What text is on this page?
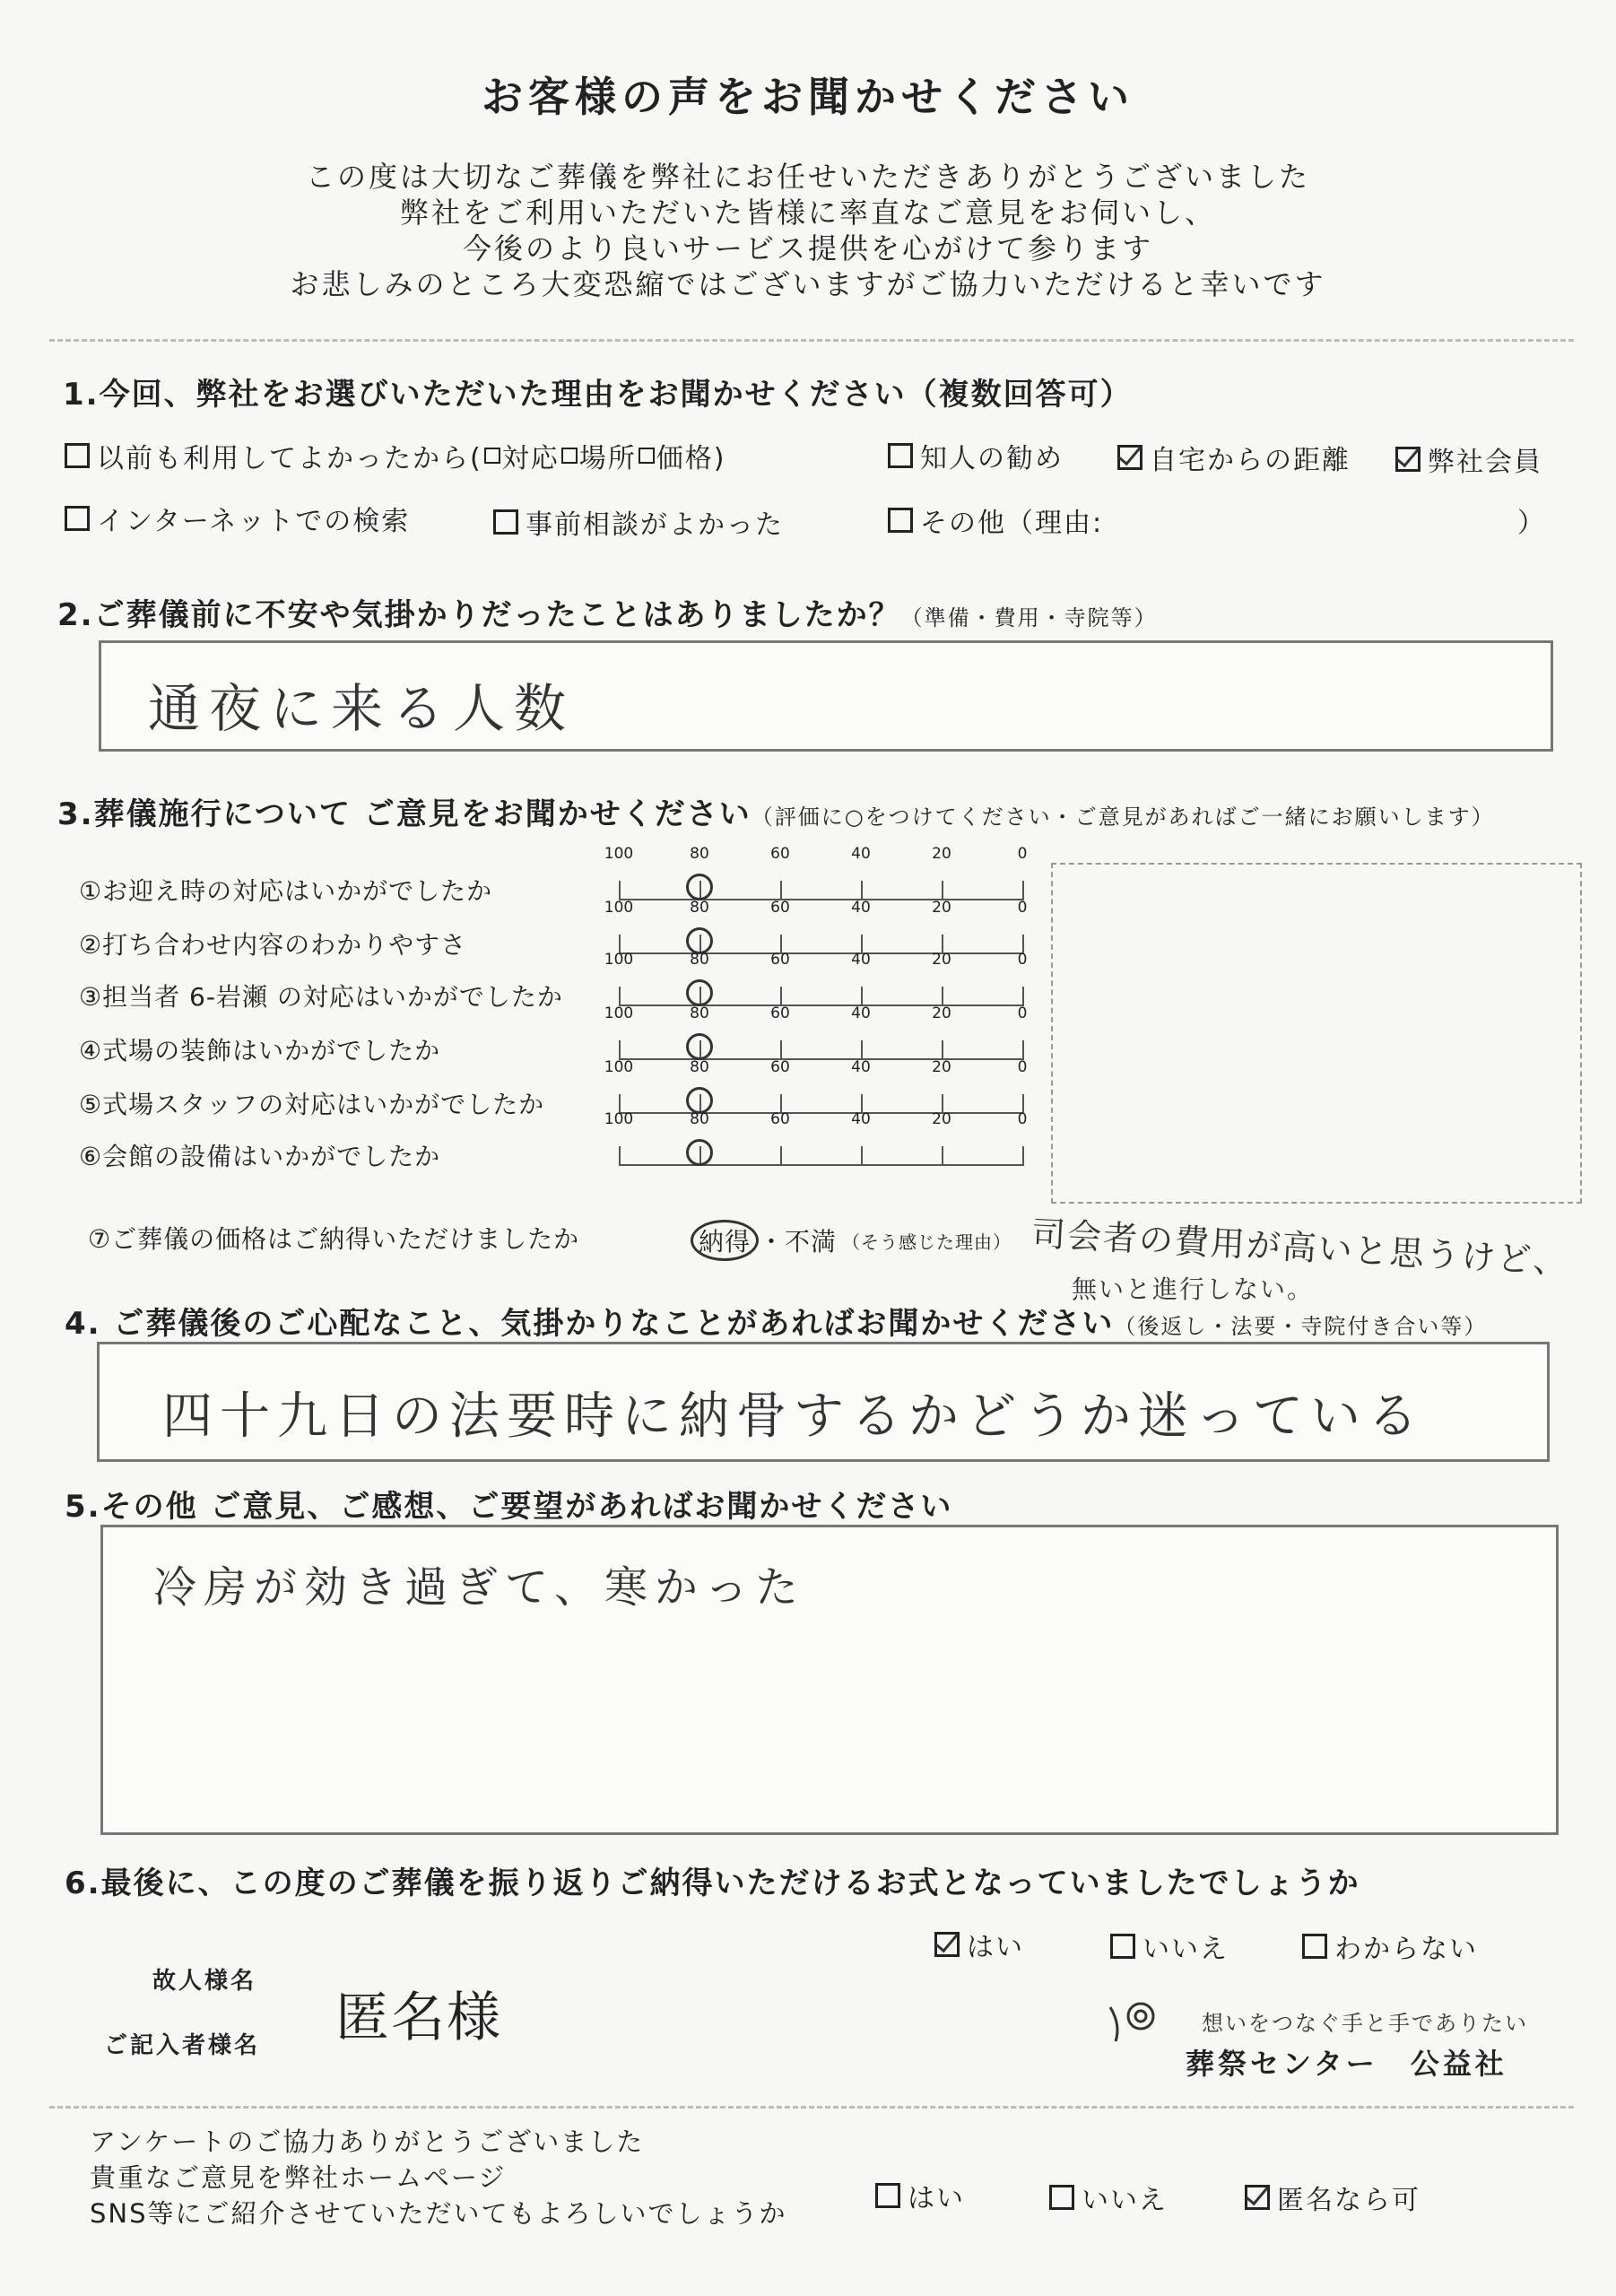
お客様の声をお聞かせください
この度は大切なご葬儀を弊社にお任せいただきありがとうございました
弊社をご利用いただいた皆様に率直なご意見をお伺いし、
今後のより良いサービス提供を心がけて参ります
お悲しみのところ大変恐縮ではございますがご協力いただけると幸いです
1.今回、弊社をお選びいただいた理由をお聞かせください（複数回答可）
以前も利用してよかったから( 対応 場所 価格)	知人の勧め	自宅からの距離	弊社会員
インターネットでの検索	事前相談がよかった	その他（理由:	）
2.ご葬儀前に不安や気掛かりだったことはありましたか？（準備・費用・寺院等）
通夜に来る人数
3.葬儀施行について ご意見をお聞かせください（評価に○をつけてください・ご意見があればご一緒にお願いします）
①お迎え時の対応はいかがでしたか
100	80	60	40	20	0
②打ち合わせ内容のわかりやすさ
100	80	60	40	20	0
③担当者 6-岩瀬 の対応はいかがでしたか
100	80	60	40	20	0
④式場の装飾はいかがでしたか
100	80	60	40	20	0
⑤式場スタッフの対応はいかがでしたか
100	80	60	40	20	0
⑥会館の設備はいかがでしたか
100	80	60	40	20	0
⑦ご葬儀の価格はご納得いただけましたか	納得 ・不満 （そう感じた理由） 司会者の費用が高いと思うけど、
無いと進行しない。
4. ご葬儀後のご心配なこと、気掛かりなことがあればお聞かせください（後返し・法要・寺院付き合い等）
四十九日の法要時に納骨するかどうか迷っている
5.その他 ご意見、ご感想、ご要望があればお聞かせください
冷房が効き過ぎて、寒かった
6.最後に、この度のご葬儀を振り返りご納得いただけるお式となっていましたでしょうか
はい	いいえ	わからない
故人様名
ご記入者様名 匿名様	想いをつなぐ手と手でありたい
葬祭センター　公益社
アンケートのご協力ありがとうございました
貴重なご意見を弊社ホームページ
SNS等にご紹介させていただいてもよろしいでしょうか	はい	いいえ	匿名なら可
